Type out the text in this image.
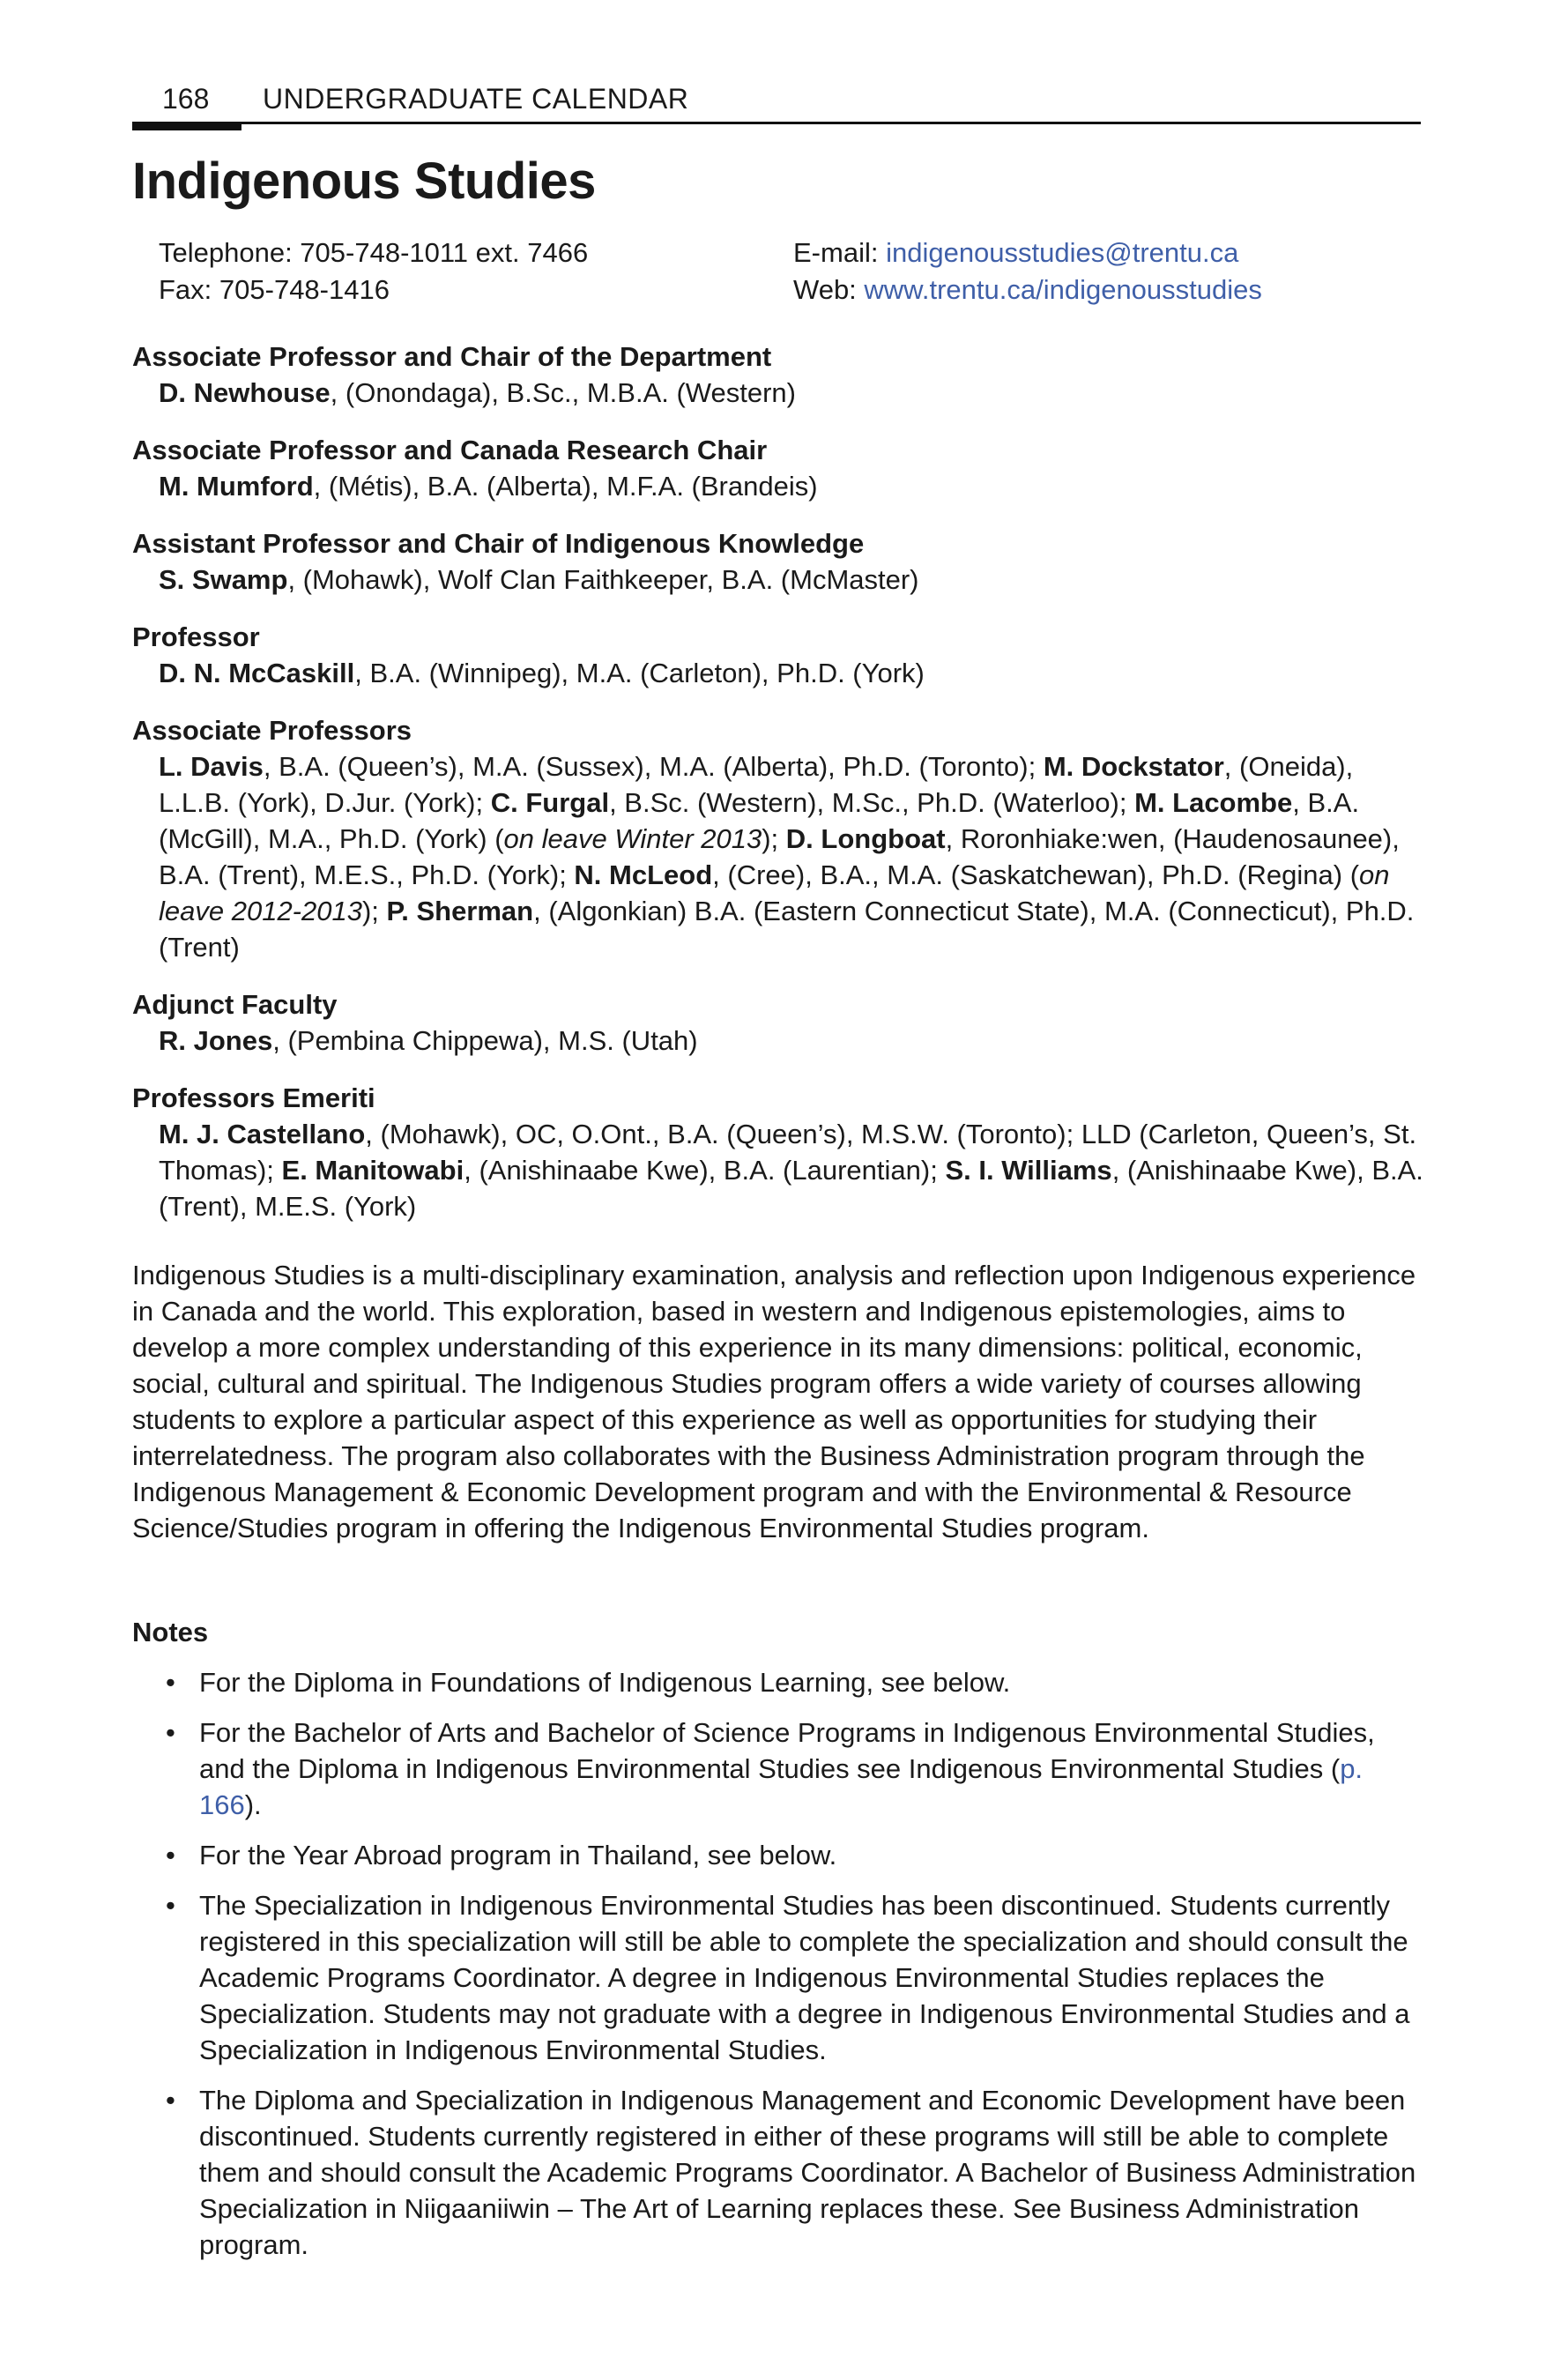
168 UNDERGRADUATE CALENDAR
Indigenous Studies
Telephone: 705-748-1011 ext. 7466	E-mail: indigenousstudies@trentu.ca
Fax: 705-748-1416	Web: www.trentu.ca/indigenousstudies
Associate Professor and Chair of the Department
D. Newhouse, (Onondaga), B.Sc., M.B.A. (Western)
Associate Professor and Canada Research Chair
M. Mumford, (Métis), B.A. (Alberta), M.F.A. (Brandeis)
Assistant Professor and Chair of Indigenous Knowledge
S. Swamp, (Mohawk), Wolf Clan Faithkeeper, B.A. (McMaster)
Professor
D. N. McCaskill, B.A. (Winnipeg), M.A. (Carleton), Ph.D. (York)
Associate Professors
L. Davis, B.A. (Queen’s), M.A. (Sussex), M.A. (Alberta), Ph.D. (Toronto); M. Dockstator, (Oneida), L.L.B. (York), D.Jur. (York); C. Furgal, B.Sc. (Western), M.Sc., Ph.D. (Waterloo); M. Lacombe, B.A. (McGill), M.A., Ph.D. (York) (on leave Winter 2013); D. Longboat, Roronhiake:wen, (Haudenosaunee), B.A. (Trent), M.E.S., Ph.D. (York); N. McLeod, (Cree), B.A., M.A. (Saskatchewan), Ph.D. (Regina) (on leave 2012-2013); P. Sherman, (Algonkian) B.A. (Eastern Connecticut State), M.A. (Connecticut), Ph.D. (Trent)
Adjunct Faculty
R. Jones, (Pembina Chippewa), M.S. (Utah)
Professors Emeriti
M. J. Castellano, (Mohawk), OC, O.Ont., B.A. (Queen’s), M.S.W. (Toronto); LLD (Carleton, Queen’s, St. Thomas); E. Manitowabi, (Anishinaabe Kwe), B.A. (Laurentian); S. I. Williams, (Anishinaabe Kwe), B.A. (Trent), M.E.S. (York)

Indigenous Studies is a multi-disciplinary examination, analysis and reflection upon Indigenous experience in Canada and the world. This exploration, based in western and Indigenous epistemologies, aims to develop a more complex understanding of this experience in its many dimensions: political, economic, social, cultural and spiritual. The Indigenous Studies program offers a wide variety of courses allowing students to explore a particular aspect of this experience as well as opportunities for studying their interrelatedness. The program also collaborates with the Business Administration program through the Indigenous Management & Economic Development program and with the Environmental & Resource Science/Studies program in offering the Indigenous Environmental Studies program.

Notes
• For the Diploma in Foundations of Indigenous Learning, see below.
• For the Bachelor of Arts and Bachelor of Science Programs in Indigenous Environmental Studies, and the Diploma in Indigenous Environmental Studies see Indigenous Environmental Studies (p. 166).
• For the Year Abroad program in Thailand, see below.
• The Specialization in Indigenous Environmental Studies has been discontinued. Students currently registered in this specialization will still be able to complete the specialization and should consult the Academic Programs Coordinator. A degree in Indigenous Environmental Studies replaces the Specialization. Students may not graduate with a degree in Indigenous Environmental Studies and a Specialization in Indigenous Environmental Studies.
• The Diploma and Specialization in Indigenous Management and Economic Development have been discontinued. Students currently registered in either of these programs will still be able to complete them and should consult the Academic Programs Coordinator. A Bachelor of Business Administration Specialization in Niigaaniiwin – The Art of Learning replaces these. See Business Administration program.
